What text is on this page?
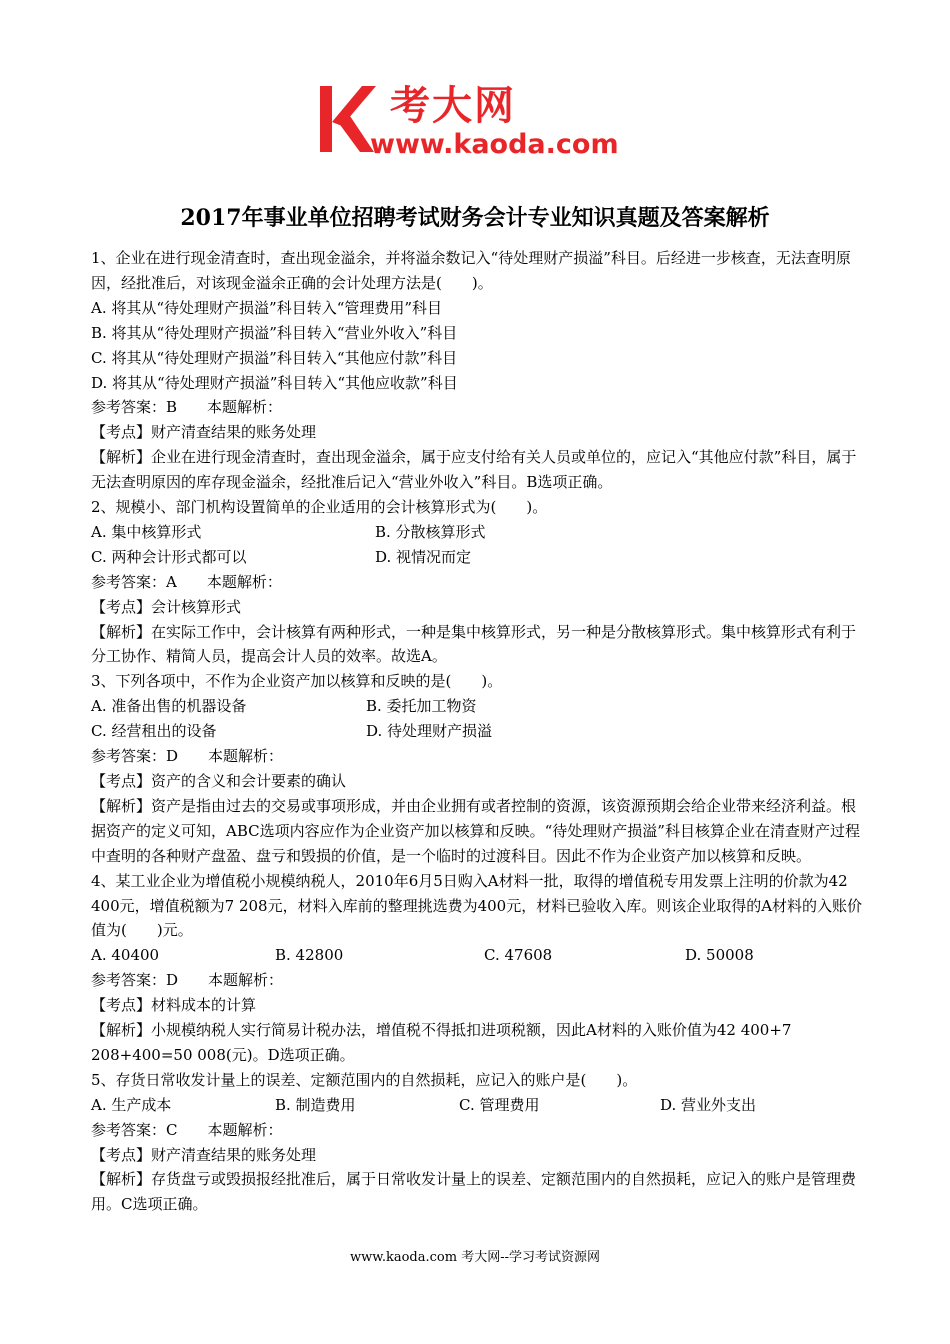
考大网
www.kaoda.com
2017年事业单位招聘考试财务会计专业知识真题及答案解析

1、企业在进行现金清查时，查出现金溢余，并将溢余数记入“待处理财产损溢”科目。后经进一步核查，无法查明原因，经批准后，对该现金溢余正确的会计处理方法是(　　)。

A. 将其从“待处理财产损溢”科目转入“管理费用”科目

B. 将其从“待处理财产损溢”科目转入“营业外收入”科目

C. 将其从“待处理财产损溢”科目转入“其他应付款”科目

D. 将其从“待处理财产损溢”科目转入“其他应收款”科目

参考答案：B　　本题解析：

【考点】财产清查结果的账务处理

【解析】企业在进行现金清查时，查出现金溢余，属于应支付给有关人员或单位的，应记入“其他应付款”科目，属于无法查明原因的库存现金溢余，经批准后记入“营业外收入”科目。B选项正确。

2、规模小、部门机构设置简单的企业适用的会计核算形式为(　　)。

A. 集中核算形式	B. 分散核算形式
C. 两种会计形式都可以	D. 视情况而定

参考答案：A　　本题解析：

【考点】会计核算形式

【解析】在实际工作中，会计核算有两种形式，一种是集中核算形式，另一种是分散核算形式。集中核算形式有利于分工协作、精简人员，提高会计人员的效率。故选A。

3、下列各项中，不作为企业资产加以核算和反映的是(　　)。

A. 准备出售的机器设备	B. 委托加工物资
C. 经营租出的设备	D. 待处理财产损溢

参考答案：D　　本题解析：

【考点】资产的含义和会计要素的确认

【解析】资产是指由过去的交易或事项形成，并由企业拥有或者控制的资源，该资源预期会给企业带来经济利益。根据资产的定义可知，ABC选项内容应作为企业资产加以核算和反映。“待处理财产损溢”科目核算企业在清查财产过程中查明的各种财产盘盈、盘亏和毁损的价值，是一个临时的过渡科目。因此不作为企业资产加以核算和反映。

4、某工业企业为增值税小规模纳税人，2010年6月5日购入A材料一批，取得的增值税专用发票上注明的价款为42 400元，增值税额为7 208元，材料入库前的整理挑选费为400元，材料已验收入库。则该企业取得的A材料的入账价值为(　　)元。

A. 40400	B. 42800	C. 47608	D. 50008

参考答案：D　　本题解析：

【考点】材料成本的计算

【解析】小规模纳税人实行简易计税办法，增值税不得抵扣进项税额，因此A材料的入账价值为42 400+7 208+400=50 008(元)。D选项正确。

5、存货日常收发计量上的误差、定额范围内的自然损耗，应记入的账户是(　　)。

A. 生产成本	B. 制造费用	C. 管理费用	D. 营业外支出

参考答案：C　　本题解析：

【考点】财产清查结果的账务处理

【解析】存货盘亏或毁损报经批准后，属于日常收发计量上的误差、定额范围内的自然损耗，应记入的账户是管理费用。C选项正确。

www.kaoda.com 考大网--学习考试资源网
